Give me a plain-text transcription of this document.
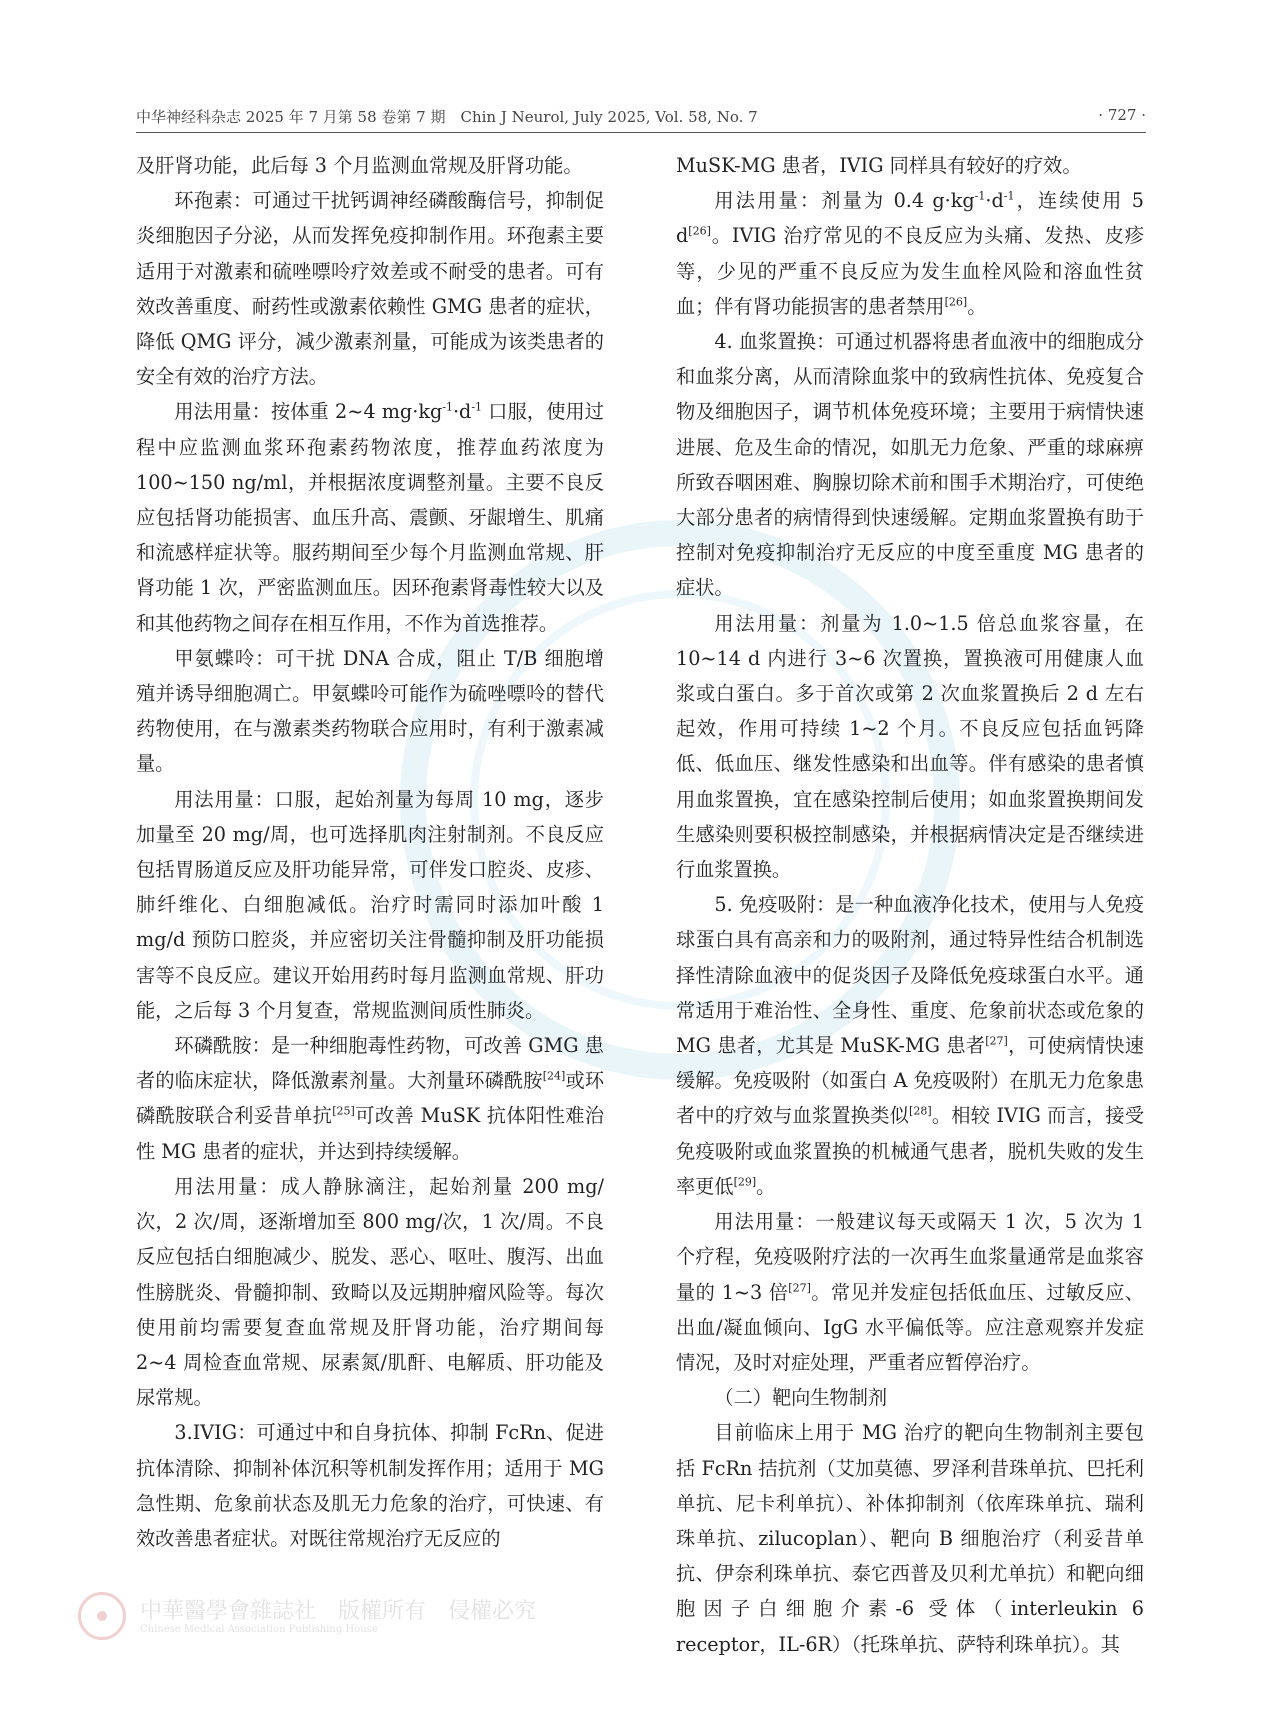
中华神经科杂志 2025 年 7 月第 58 卷第 7 期　Chin J Neurol, July 2025, Vol. 58, No. 7	· 727 ·

及肝肾功能，此后每 3 个月监测血常规及肝肾功能。

环孢素：可通过干扰钙调神经磷酸酶信号，抑制促炎细胞因子分泌，从而发挥免疫抑制作用。环孢素主要适用于对激素和硫唑嘌呤疗效差或不耐受的患者。可有效改善重度、耐药性或激素依赖性 GMG 患者的症状，降低 QMG 评分，减少激素剂量，可能成为该类患者的安全有效的治疗方法。

用法用量：按体重 2~4 $mg\cdot kg^{-1}\cdot d^{-1}$ 口服，使用过程中应监测血浆环孢素药物浓度，推荐血药浓度为 100~150 ng/ml，并根据浓度调整剂量。主要不良反应包括肾功能损害、血压升高、震颤、牙龈增生、肌痛和流感样症状等。服药期间至少每个月监测血常规、肝肾功能 1 次，严密监测血压。因环孢素肾毒性较大以及和其他药物之间存在相互作用，不作为首选推荐。

甲氨蝶呤：可干扰 DNA 合成，阻止 T/B 细胞增殖并诱导细胞凋亡。甲氨蝶呤可能作为硫唑嘌呤的替代药物使用，在与激素类药物联合应用时，有利于激素减量。

用法用量：口服，起始剂量为每周 10 mg，逐步加量至 20 mg/周，也可选择肌肉注射制剂。不良反应包括胃肠道反应及肝功能异常，可伴发口腔炎、皮疹、肺纤维化、白细胞减低。治疗时需同时添加叶酸 1 mg/d 预防口腔炎，并应密切关注骨髓抑制及肝功能损害等不良反应。建议开始用药时每月监测血常规、肝功能，之后每 3 个月复查，常规监测间质性肺炎。

环磷酰胺：是一种细胞毒性药物，可改善 GMG 患者的临床症状，降低激素剂量。大剂量环磷酰胺[24]或环磷酰胺联合利妥昔单抗[25]可改善 MuSK 抗体阳性难治性 MG 患者的症状，并达到持续缓解。

用法用量：成人静脉滴注，起始剂量 200 mg/次，2 次/周，逐渐增加至 800 mg/次，1 次/周。不良反应包括白细胞减少、脱发、恶心、呕吐、腹泻、出血性膀胱炎、骨髓抑制、致畸以及远期肿瘤风险等。每次使用前均需要复查血常规及肝肾功能，治疗期间每 2~4 周检查血常规、尿素氮/肌酐、电解质、肝功能及尿常规。

3.IVIG：可通过中和自身抗体、抑制 FcRn、促进抗体清除、抑制补体沉积等机制发挥作用；适用于 MG 急性期、危象前状态及肌无力危象的治疗，可快速、有效改善患者症状。对既往常规治疗无反应的

MuSK-MG 患者，IVIG 同样具有较好的疗效。

用法用量：剂量为 0.4 $g\cdot kg^{-1}\cdot d^{-1}$，连续使用 5 d[26]。IVIG 治疗常见的不良反应为头痛、发热、皮疹等，少见的严重不良反应为发生血栓风险和溶血性贫血；伴有肾功能损害的患者禁用[26]。

4. 血浆置换：可通过机器将患者血液中的细胞成分和血浆分离，从而清除血浆中的致病性抗体、免疫复合物及细胞因子，调节机体免疫环境；主要用于病情快速进展、危及生命的情况，如肌无力危象、严重的球麻痹所致吞咽困难、胸腺切除术前和围手术期治疗，可使绝大部分患者的病情得到快速缓解。定期血浆置换有助于控制对免疫抑制治疗无反应的中度至重度 MG 患者的症状。

用法用量：剂量为 1.0~1.5 倍总血浆容量，在 10~14 d 内进行 3~6 次置换，置换液可用健康人血浆或白蛋白。多于首次或第 2 次血浆置换后 2 d 左右起效，作用可持续 1~2 个月。不良反应包括血钙降低、低血压、继发性感染和出血等。伴有感染的患者慎用血浆置换，宜在感染控制后使用；如血浆置换期间发生感染则要积极控制感染，并根据病情决定是否继续进行血浆置换。

5. 免疫吸附：是一种血液净化技术，使用与人免疫球蛋白具有高亲和力的吸附剂，通过特异性结合机制选择性清除血液中的促炎因子及降低免疫球蛋白水平。通常适用于难治性、全身性、重度、危象前状态或危象的 MG 患者，尤其是 MuSK-MG 患者[27]，可使病情快速缓解。免疫吸附（如蛋白 A 免疫吸附）在肌无力危象患者中的疗效与血浆置换类似[28]。相较 IVIG 而言，接受免疫吸附或血浆置换的机械通气患者，脱机失败的发生率更低[29]。

用法用量：一般建议每天或隔天 1 次，5 次为 1 个疗程，免疫吸附疗法的一次再生血浆量通常是血浆容量的 1~3 倍[27]。常见并发症包括低血压、过敏反应、出血/凝血倾向、IgG 水平偏低等。应注意观察并发症情况，及时对症处理，严重者应暂停治疗。

（二）靶向生物制剂

目前临床上用于 MG 治疗的靶向生物制剂主要包括 FcRn 拮抗剂（艾加莫德、罗泽利昔珠单抗、巴托利单抗、尼卡利单抗）、补体抑制剂（依库珠单抗、瑞利珠单抗、zilucoplan）、靶向 B 细胞治疗（利妥昔单抗、伊奈利珠单抗、泰它西普及贝利尤单抗）和靶向细胞因子白细胞介素-6 受体（interleukin 6 receptor，IL-6R）（托珠单抗、萨特利珠单抗）。其

中華醫學會雜誌社　版權所有　侵權必究
Chinese Medical Association Publishing House
